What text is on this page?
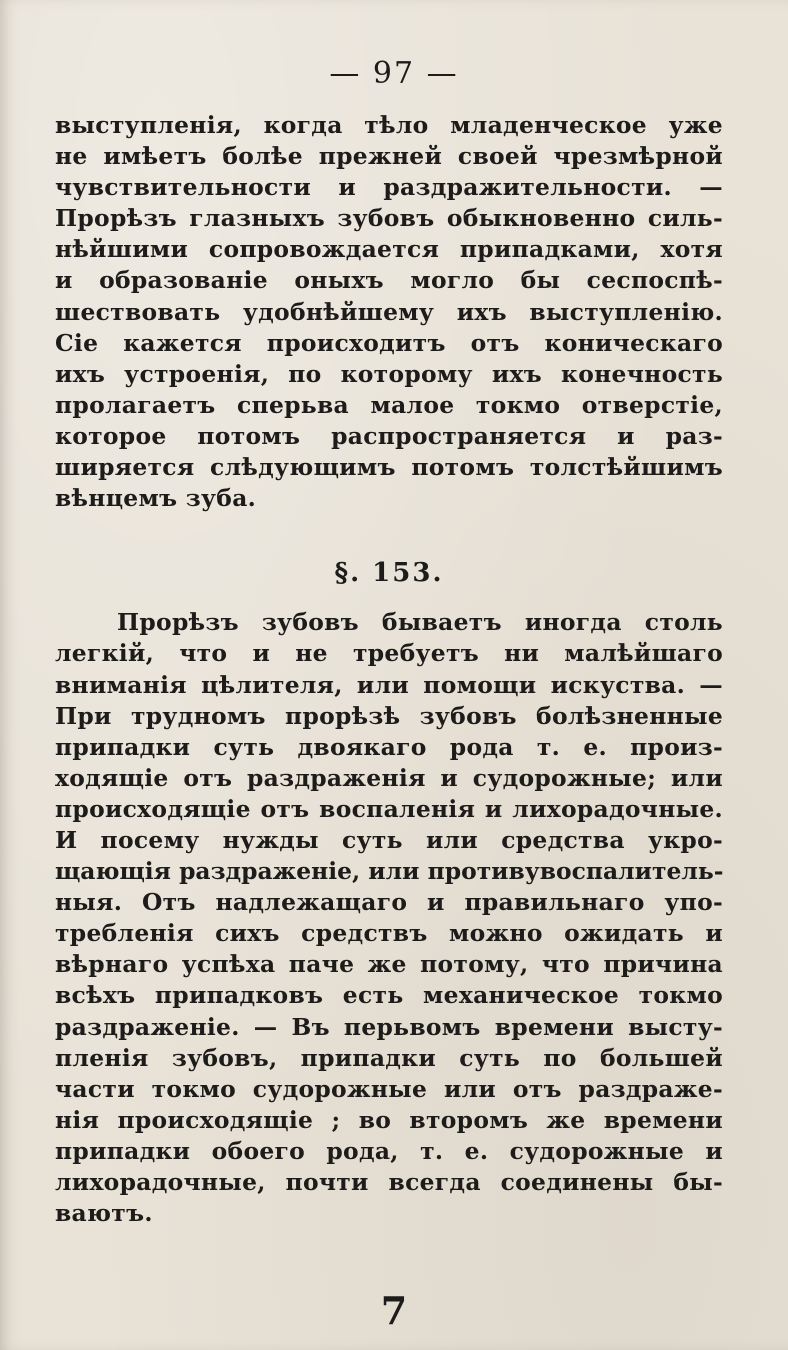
— 97 —
выступленія, когда тѣло младенческое уже
не имѣетъ болѣе прежней своей чрезмѣрной
чувствительности и раздражительности. —
Прорѣзъ глазныхъ зубовъ обыкновенно силь-
нѣйшими сопровождается припадками, хотя
и образованіе оныхъ могло бы сеспоспѣ-
шествовать удобнѣйшему ихъ выступленію.
Сіе кажется происходитъ отъ коническаго
ихъ устроенія, по которому ихъ конечность
пролагаетъ сперьва малое токмо отверстіе,
которое потомъ распространяется и раз-
ширяется слѣдующимъ потомъ толстѣйшимъ
вѣнцемъ зуба.
§. 153.
Прорѣзъ зубовъ бываетъ иногда столь
легкій, что и не требуетъ ни малѣйшаго
вниманія цѣлителя, или помощи искуства. —
При трудномъ прорѣзѣ зубовъ болѣзненные
припадки суть двоякаго рода т. е. произ-
ходящіе отъ раздраженія и судорожные; или
происходящіе отъ воспаленія и лихорадочные.
И посему нужды суть или средства укро-
щающія раздраженіе, или противувоспалитель-
ныя. Отъ надлежащаго и правильнаго упо-
требленія сихъ средствъ можно ожидать и
вѣрнаго успѣха паче же потому, что причина
всѣхъ припадковъ есть механическое токмо
раздраженіе. — Въ перьвомъ времени высту-
пленія зубовъ, припадки суть по большей
части токмо судорожные или отъ раздраже-
нія происходящіе ; во второмъ же времени
припадки обоего рода, т. е. судорожные и
лихорадочные, почти всегда соединены бы-
ваютъ.
7
